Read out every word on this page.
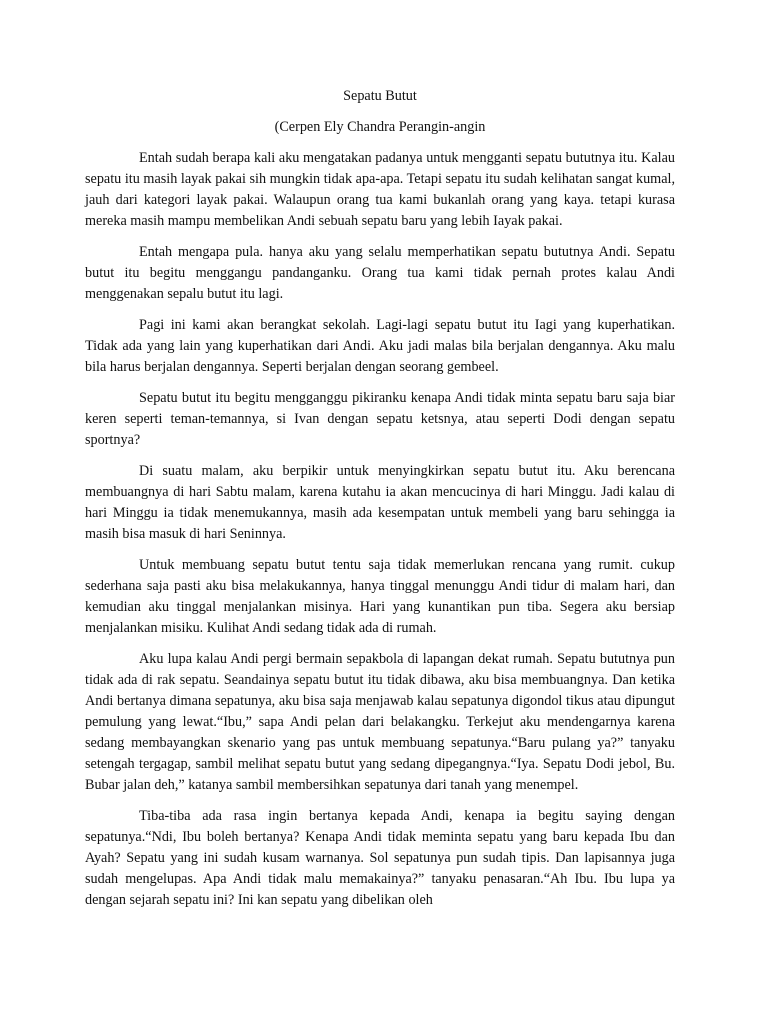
Sepatu Butut

(Cerpen Ely Chandra Perangin-angin

Entah sudah berapa kali aku mengatakan padanya untuk mengganti sepatu bututnya itu. Kalau sepatu itu masih layak pakai sih mungkin tidak apa-apa. Tetapi sepatu itu sudah kelihatan sangat kumal, jauh dari kategori layak pakai. Walaupun orang tua kami bukanlah orang yang kaya. tetapi kurasa mereka masih mampu membelikan Andi sebuah sepatu baru yang lebih Iayak pakai.

Entah mengapa pula. hanya aku yang selalu memperhatikan sepatu bututnya Andi. Sepatu butut itu begitu menggangu pandanganku. Orang tua kami tidak pernah protes kalau Andi menggenakan sepalu butut itu lagi.

Pagi ini kami akan berangkat sekolah. Lagi-lagi sepatu butut itu Iagi yang kuperhatikan. Tidak ada yang lain yang kuperhatikan dari Andi. Aku jadi malas bila berjalan dengannya. Aku malu bila harus berjalan dengannya. Seperti berjalan dengan seorang gembeel.

Sepatu butut itu begitu mengganggu pikiranku kenapa Andi tidak minta sepatu baru saja biar keren seperti teman-temannya, si Ivan dengan sepatu ketsnya, atau seperti Dodi dengan sepatu sportnya?

Di suatu malam, aku berpikir untuk menyingkirkan sepatu butut itu. Aku berencana membuangnya di hari Sabtu malam, karena kutahu ia akan mencucinya di hari Minggu. Jadi kalau di hari Minggu ia tidak menemukannya, masih ada kesempatan untuk membeli yang baru sehingga ia masih bisa masuk di hari Seninnya.

Untuk membuang sepatu butut tentu saja tidak memerlukan rencana yang rumit. cukup sederhana saja pasti aku bisa melakukannya, hanya tinggal menunggu Andi tidur di malam hari, dan kemudian aku tinggal menjalankan misinya. Hari yang kunantikan pun tiba. Segera aku bersiap menjalankan misiku. Kulihat Andi sedang tidak ada di rumah.

Aku lupa kalau Andi pergi bermain sepakbola di lapangan dekat rumah. Sepatu bututnya pun tidak ada di rak sepatu. Seandainya sepatu butut itu tidak dibawa, aku bisa membuangnya. Dan ketika Andi bertanya dimana sepatunya, aku bisa saja menjawab kalau sepatunya digondol tikus atau dipungut pemulung yang lewat.“Ibu,” sapa Andi pelan dari belakangku. Terkejut aku mendengarnya karena sedang membayangkan skenario yang pas untuk membuang sepatunya.“Baru pulang ya?” tanyaku setengah tergagap, sambil melihat sepatu butut yang sedang dipegangnya.“Iya. Sepatu Dodi jebol, Bu. Bubar jalan deh,” katanya sambil membersihkan sepatunya dari tanah yang menempel.

Tiba-tiba ada rasa ingin bertanya kepada Andi, kenapa ia begitu saying dengan sepatunya.“Ndi, Ibu boleh bertanya? Kenapa Andi tidak meminta sepatu yang baru kepada Ibu dan Ayah? Sepatu yang ini sudah kusam warnanya. Sol sepatunya pun sudah tipis. Dan lapisannya juga sudah mengelupas. Apa Andi tidak malu memakainya?” tanyaku penasaran.“Ah Ibu. Ibu lupa ya dengan sejarah sepatu ini? Ini kan sepatu yang dibelikan oleh
